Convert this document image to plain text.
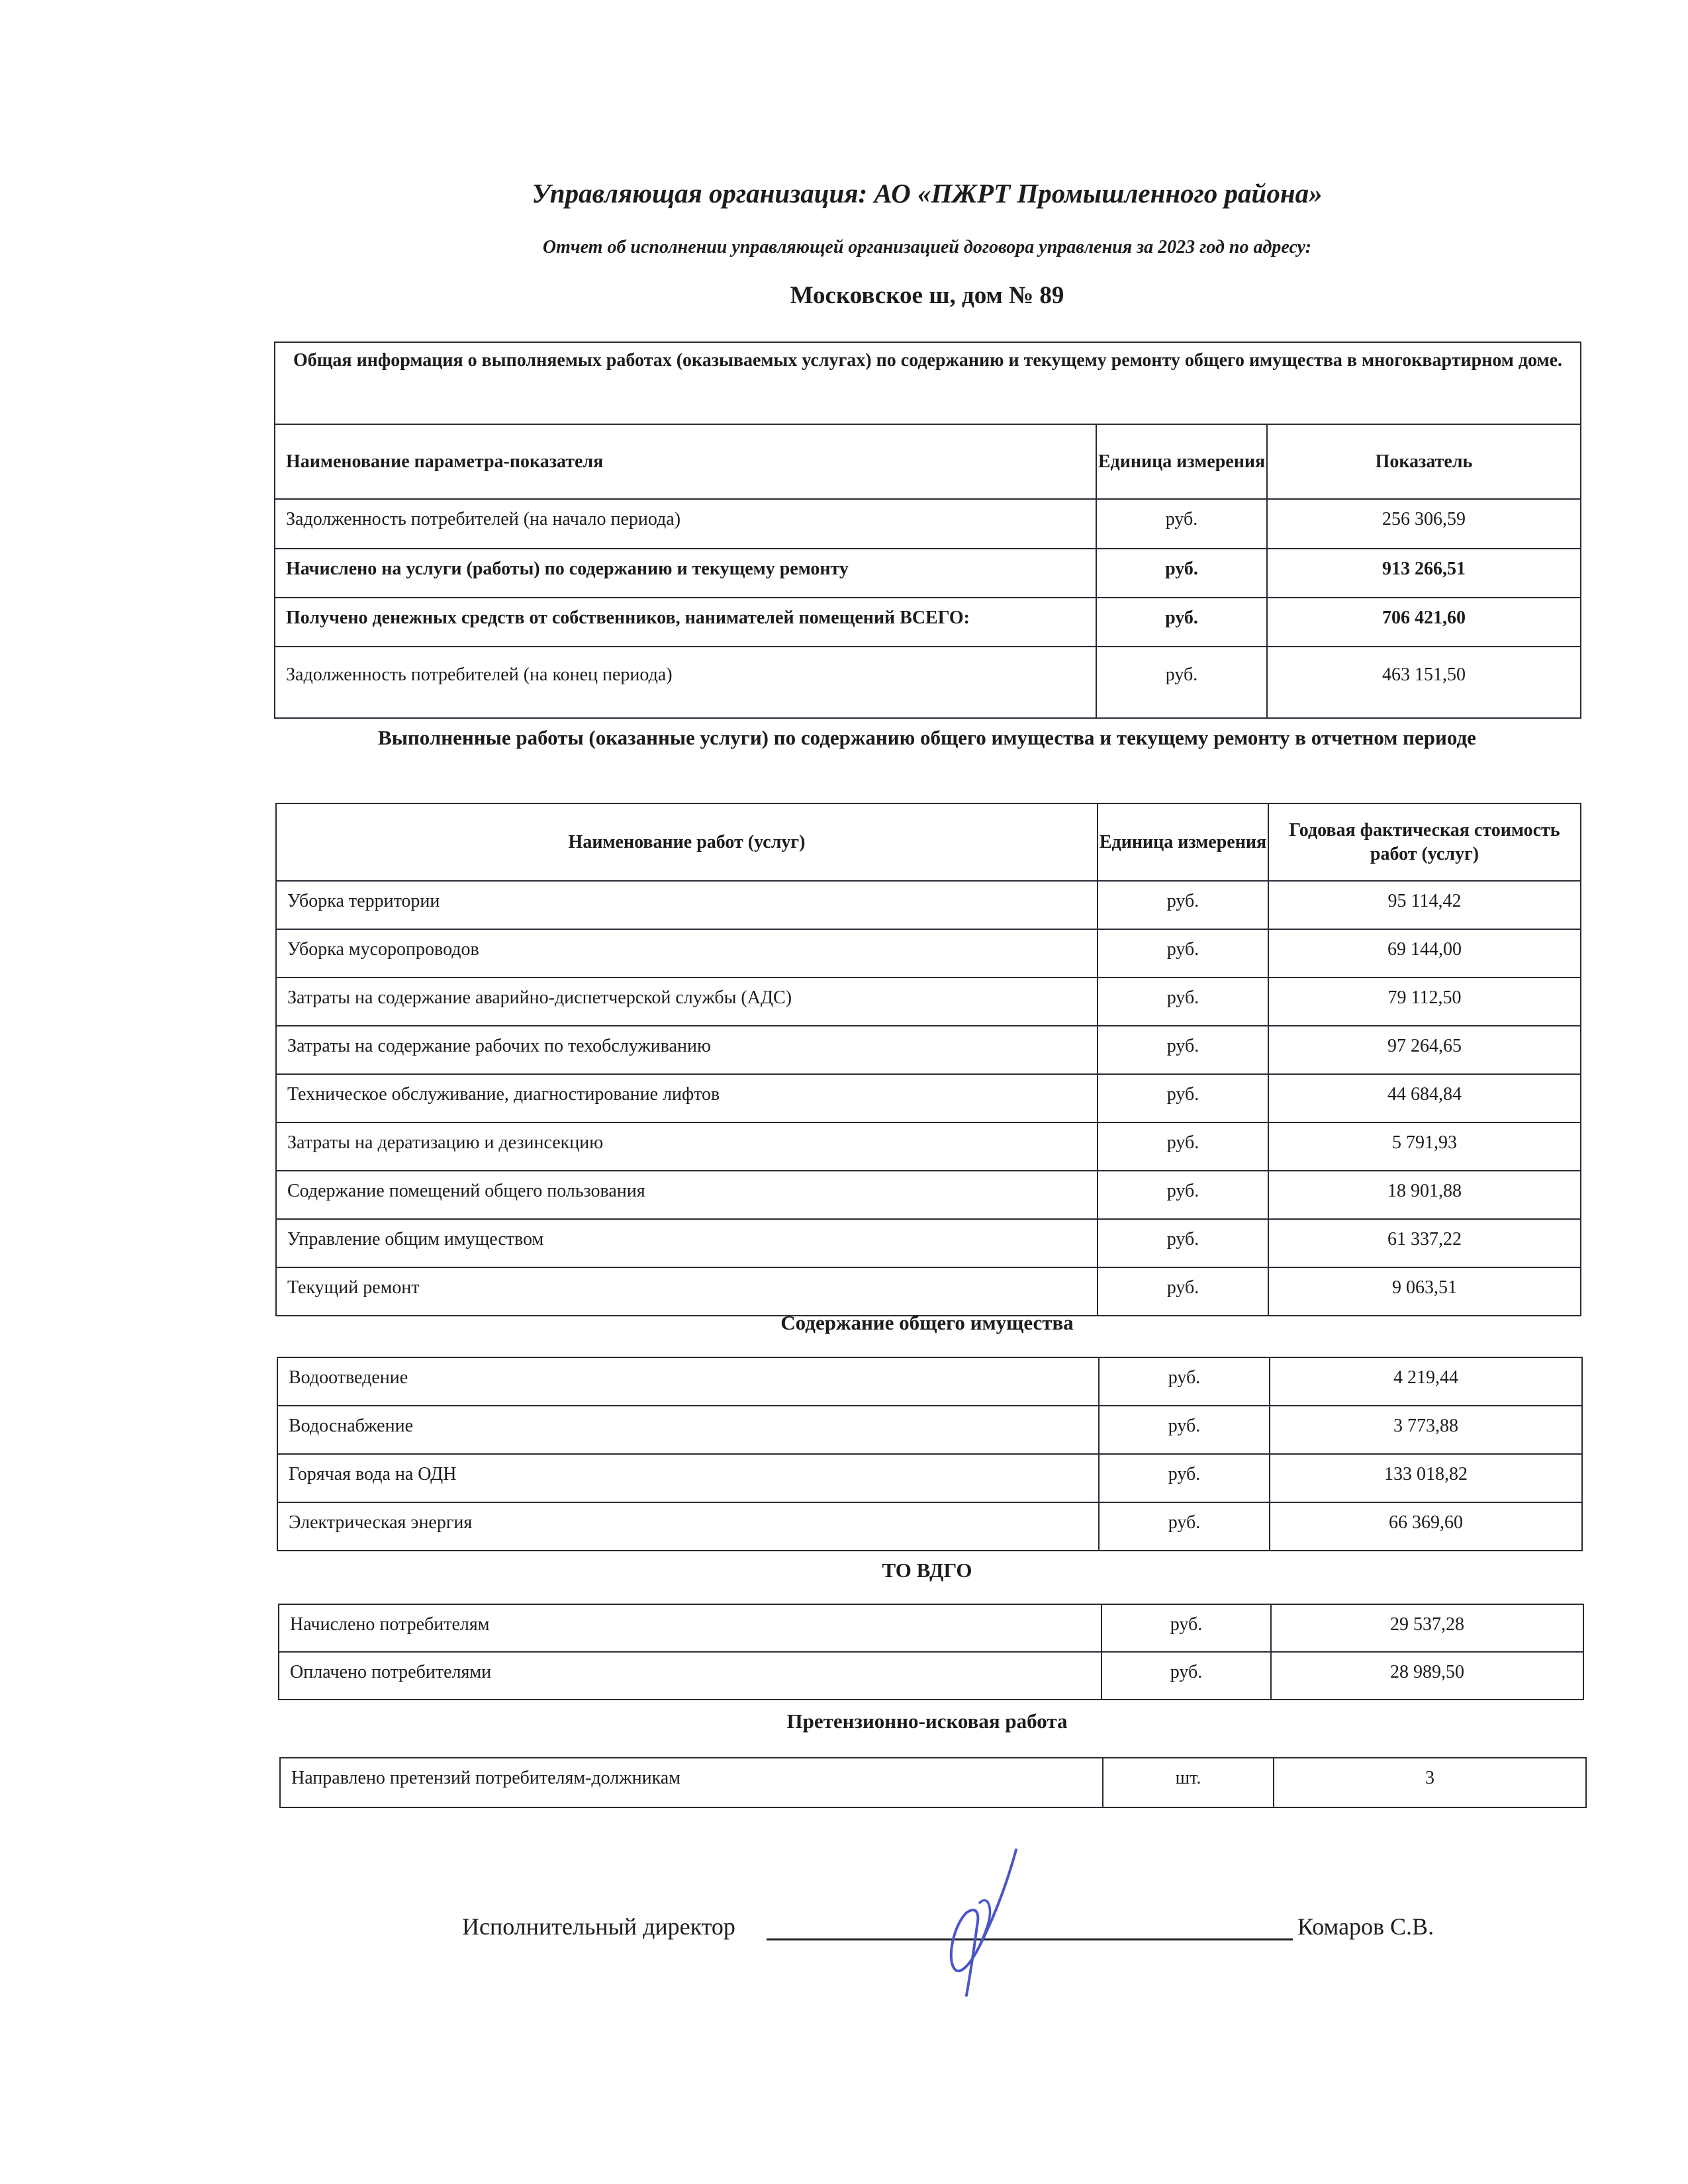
Управляющая организация: АО «ПЖРТ Промышленного района»
Отчет об исполнении управляющей организацией договора управления за 2023 год по адресу:
Московское ш, дом № 89
Общая информация о выполняемых работах (оказываемых услугах) по содержанию и текущему ремонту общего имущества в многоквартирном доме.		
Наименование параметра-показателя	Единица измерения	Показатель
Задолженность потребителей (на начало периода)	руб.	256 306,59
Начислено на услуги (работы) по содержанию и текущему ремонту	руб.	913 266,51
Получено денежных средств от собственников, нанимателей помещений ВСЕГО:	руб.	706 421,60
Задолженность потребителей (на конец периода)	руб.	463 151,50
Выполненные работы (оказанные услуги) по содержанию общего имущества и текущему ремонту в отчетном периоде
Наименование работ (услуг)	Единица измерения	Годовая фактическая стоимость работ (услуг)
Уборка территории	руб.	95 114,42
Уборка мусоропроводов	руб.	69 144,00
Затраты на содержание аварийно-диспетчерской службы (АДС)	руб.	79 112,50
Затраты на содержание рабочих по техобслуживанию	руб.	97 264,65
Техническое обслуживание, диагностирование лифтов	руб.	44 684,84
Затраты на дератизацию и дезинсекцию	руб.	5 791,93
Содержание помещений общего пользования	руб.	18 901,88
Управление общим имуществом	руб.	61 337,22
Текущий ремонт	руб.	9 063,51
Содержание общего имущества
Водоотведение	руб.	4 219,44
Водоснабжение	руб.	3 773,88
Горячая вода на ОДН	руб.	133 018,82
Электрическая энергия	руб.	66 369,60
ТО ВДГО
Начислено потребителям	руб.	29 537,28
Оплачено потребителями	руб.	28 989,50
Претензионно-исковая работа
Направлено претензий потребителям-должникам	шт.	3
Исполнительный директор	Комаров С.В.
